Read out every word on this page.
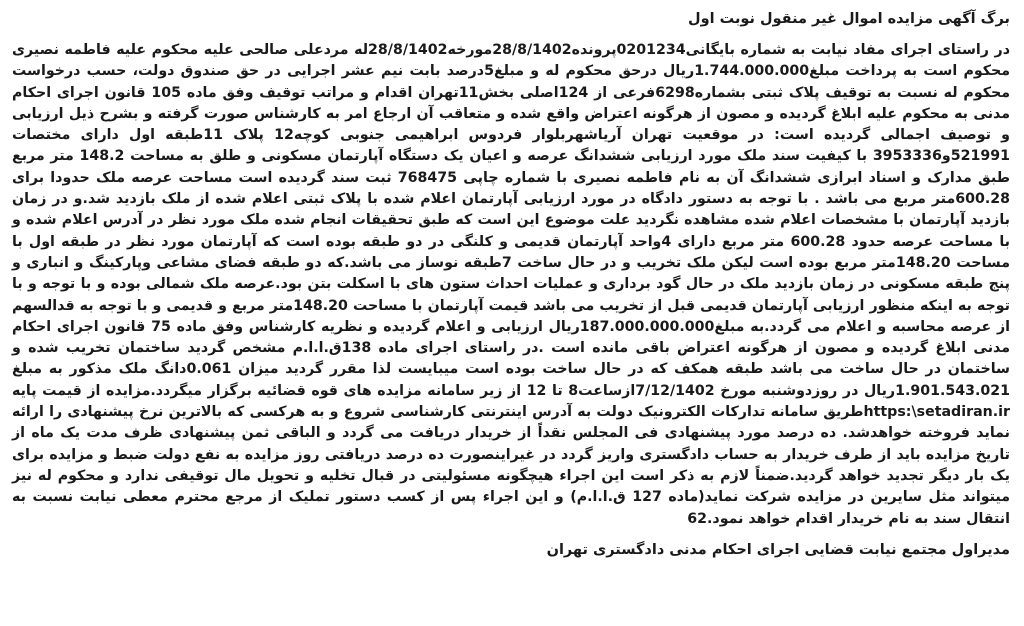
برگ آگهی مزایده اموال غیر منقول نوبت اول

در راستای اجرای مفاد نیابت به شماره بایگانی0201234پرونده28/8/1402مورخه28/8/1402له مردعلی صالحی علیه محکوم علیه فاطمه نصیری محکوم است به پرداخت مبلغ1.744.000.000ریال درحق محکوم له و مبلغ5درصد بابت نیم عشر اجرایی در حق صندوق دولت، حسب درخواست محکوم له نسبت به توقیف پلاک ثبتی بشماره6298فرعی از 124اصلی بخش11تهران اقدام و مراتب توقیف وفق ماده 105 قانون اجرای احکام مدنی به محکوم علیه ابلاغ گردیده و مصون از هرگونه اعتراض واقع شده و متعاقب آن ارجاع امر به کارشناس صورت گرفته و بشرح ذیل ارزیابی و توصیف اجمالی گردیده است: در موقعیت تهران آریاشهربلوار فردوس ابراهیمی جنوبی کوچه12 پلاک 11طبقه اول دارای مختصات 521991و3953336 با کیفیت سند ملک مورد ارزیابی ششدانگ عرصه و اعیان یک دستگاه آپارتمان مسکونی و طلق به مساحت 148.2 متر مربع طبق مدارک و اسناد ابرازی ششدانگ آن به نام فاطمه نصیری با شماره چاپی 768475 ثبت سند گردیده است مساحت عرصه ملک حدودا برای 600.28متر مربع می باشد . با توجه به دستور دادگاه در مورد ارزیابی آپارتمان اعلام شده با پلاک ثبتی اعلام شده از ملک بازدید شد.و در زمان بازدید آپارتمان با مشخصات اعلام شده مشاهده نگردید علت موضوع این است که طبق تحقیقات انجام شده ملک مورد نظر در آدرس اعلام شده و با مساحت عرصه حدود 600.28 متر مربع دارای 4واحد آپارتمان قدیمی و کلنگی در دو طبقه بوده است که آپارتمان مورد نظر در طبقه اول با مساحت 148.20متر مربع بوده است لیکن ملک تخریب و در حال ساخت 7طبقه نوساز می باشد.که دو طبقه فضای مشاعی وپارکینگ و انباری و پنج طبقه مسکونی در زمان بازدید ملک در حال گود برداری و عملیات احداث ستون های با اسکلت بتن بود.عرصه ملک شمالی بوده و با توجه و با توجه به اینکه منظور ارزیابی آپارتمان قدیمی قبل از تخریب می باشد قیمت آپارتمان با مساحت 148.20متر مربع و قدیمی و با توجه به قدالسهم از عرصه محاسبه و اعلام می گردد.به مبلغ187.000.000.000ریال ارزیابی و اعلام گردیده و نظریه کارشناس وفق ماده 75 قانون اجرای احکام مدنی ابلاغ گردیده و مصون از هرگونه اعتراض باقی مانده است .در راستای اجرای ماده 138ق.ا.ا.م مشخص گردید ساختمان تخریب شده و ساختمان در حال ساخت می باشد طبقه همکف که در حال ساخت بوده است میبایست لذا مقرر گردید میزان 0.061دانگ ملک مذکور به مبلغ 1.901.543.021ریال در روزدوشنبه مورخ 7/12/1402ازساعت8 تا 12 از زیر سامانه مزایده های قوه قضائیه برگزار میگردد.مزایده از قیمت پایه https:\setadiran.irطریق سامانه تدارکات الکترونیک دولت به آدرس اینترنتی کارشناسی شروع و به هرکسی که بالاترین نرخ پیشنهادی را ارائه نماید فروخته خواهدشد. ده درصد مورد پیشنهادی فی المجلس نقداً از خریدار دریافت می گردد و الباقی ثمن پیشنهادی ظرف مدت یک ماه از تاریخ مزایده باید از طرف خریدار به حساب دادگستری واریز گردد در غیراینصورت ده درصد دریافتی روز مزایده به نفع دولت ضبط و مزایده برای یک بار دیگر تجدید خواهد گردید.ضمناً لازم به ذکر است این اجراء هیچگونه مسئولیتی در قبال تخلیه و تحویل مال توقیفی ندارد و محکوم له نیز میتواند مثل سایرین در مزایده شرکت نماید(ماده 127 ق.ا.ا.م) و این اجراء پس از کسب دستور تملیک از مرجع محترم معطی نیابت نسبت به انتقال سند به نام خریدار اقدام خواهد نمود.62

مدیراول مجتمع نیابت قضایی اجرای احکام مدنی دادگستری تهران
